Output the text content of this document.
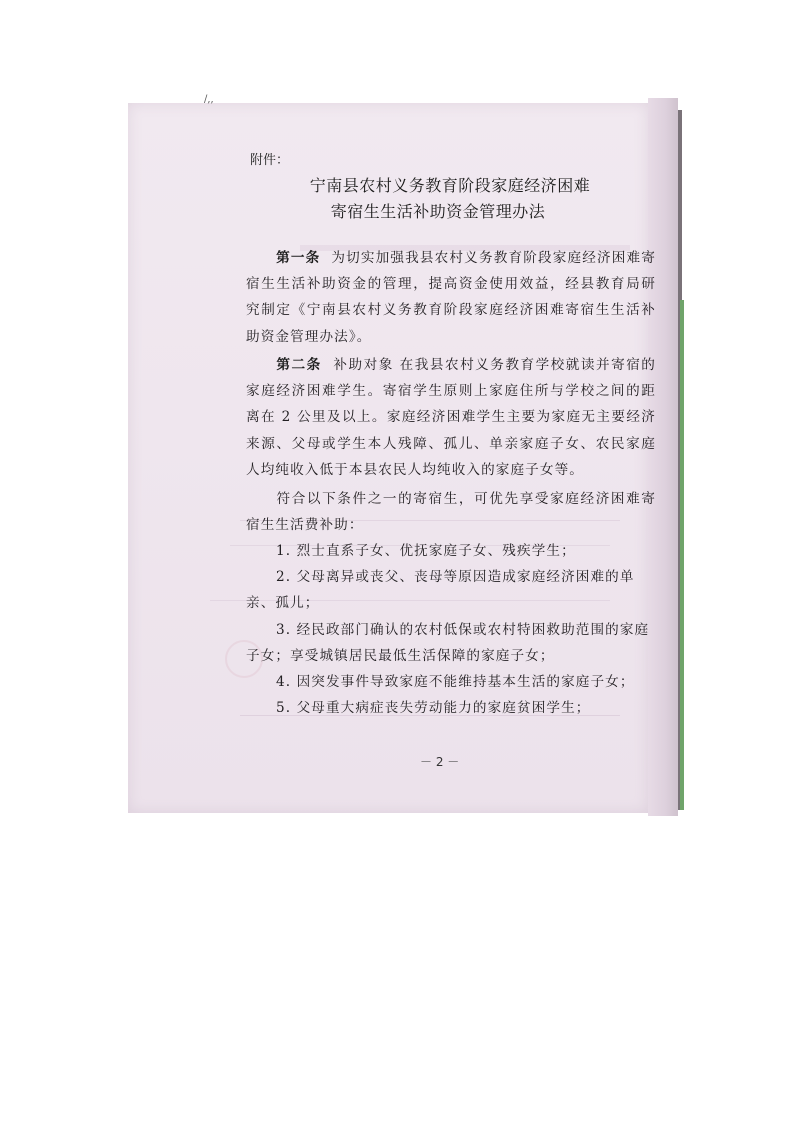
/,,
附件：
宁南县农村义务教育阶段家庭经济困难
寄宿生生活补助资金管理办法
第一条 为切实加强我县农村义务教育阶段家庭经济困难寄宿生生活补助资金的管理，提高资金使用效益，经县教育局研究制定《宁南县农村义务教育阶段家庭经济困难寄宿生生活补助资金管理办法》。
第二条 补助对象 在我县农村义务教育学校就读并寄宿的家庭经济困难学生。寄宿学生原则上家庭住所与学校之间的距离在 2 公里及以上。家庭经济困难学生主要为家庭无主要经济来源、父母或学生本人残障、孤儿、单亲家庭子女、农民家庭人均纯收入低于本县农民人均纯收入的家庭子女等。
符合以下条件之一的寄宿生，可优先享受家庭经济困难寄宿生生活费补助：
1. 烈士直系子女、优抚家庭子女、残疾学生；
2. 父母离异或丧父、丧母等原因造成家庭经济困难的单亲、孤儿；
3. 经民政部门确认的农村低保或农村特困救助范围的家庭子女；享受城镇居民最低生活保障的家庭子女；
4. 因突发事件导致家庭不能维持基本生活的家庭子女；
5. 父母重大病症丧失劳动能力的家庭贫困学生；
－ 2 －
